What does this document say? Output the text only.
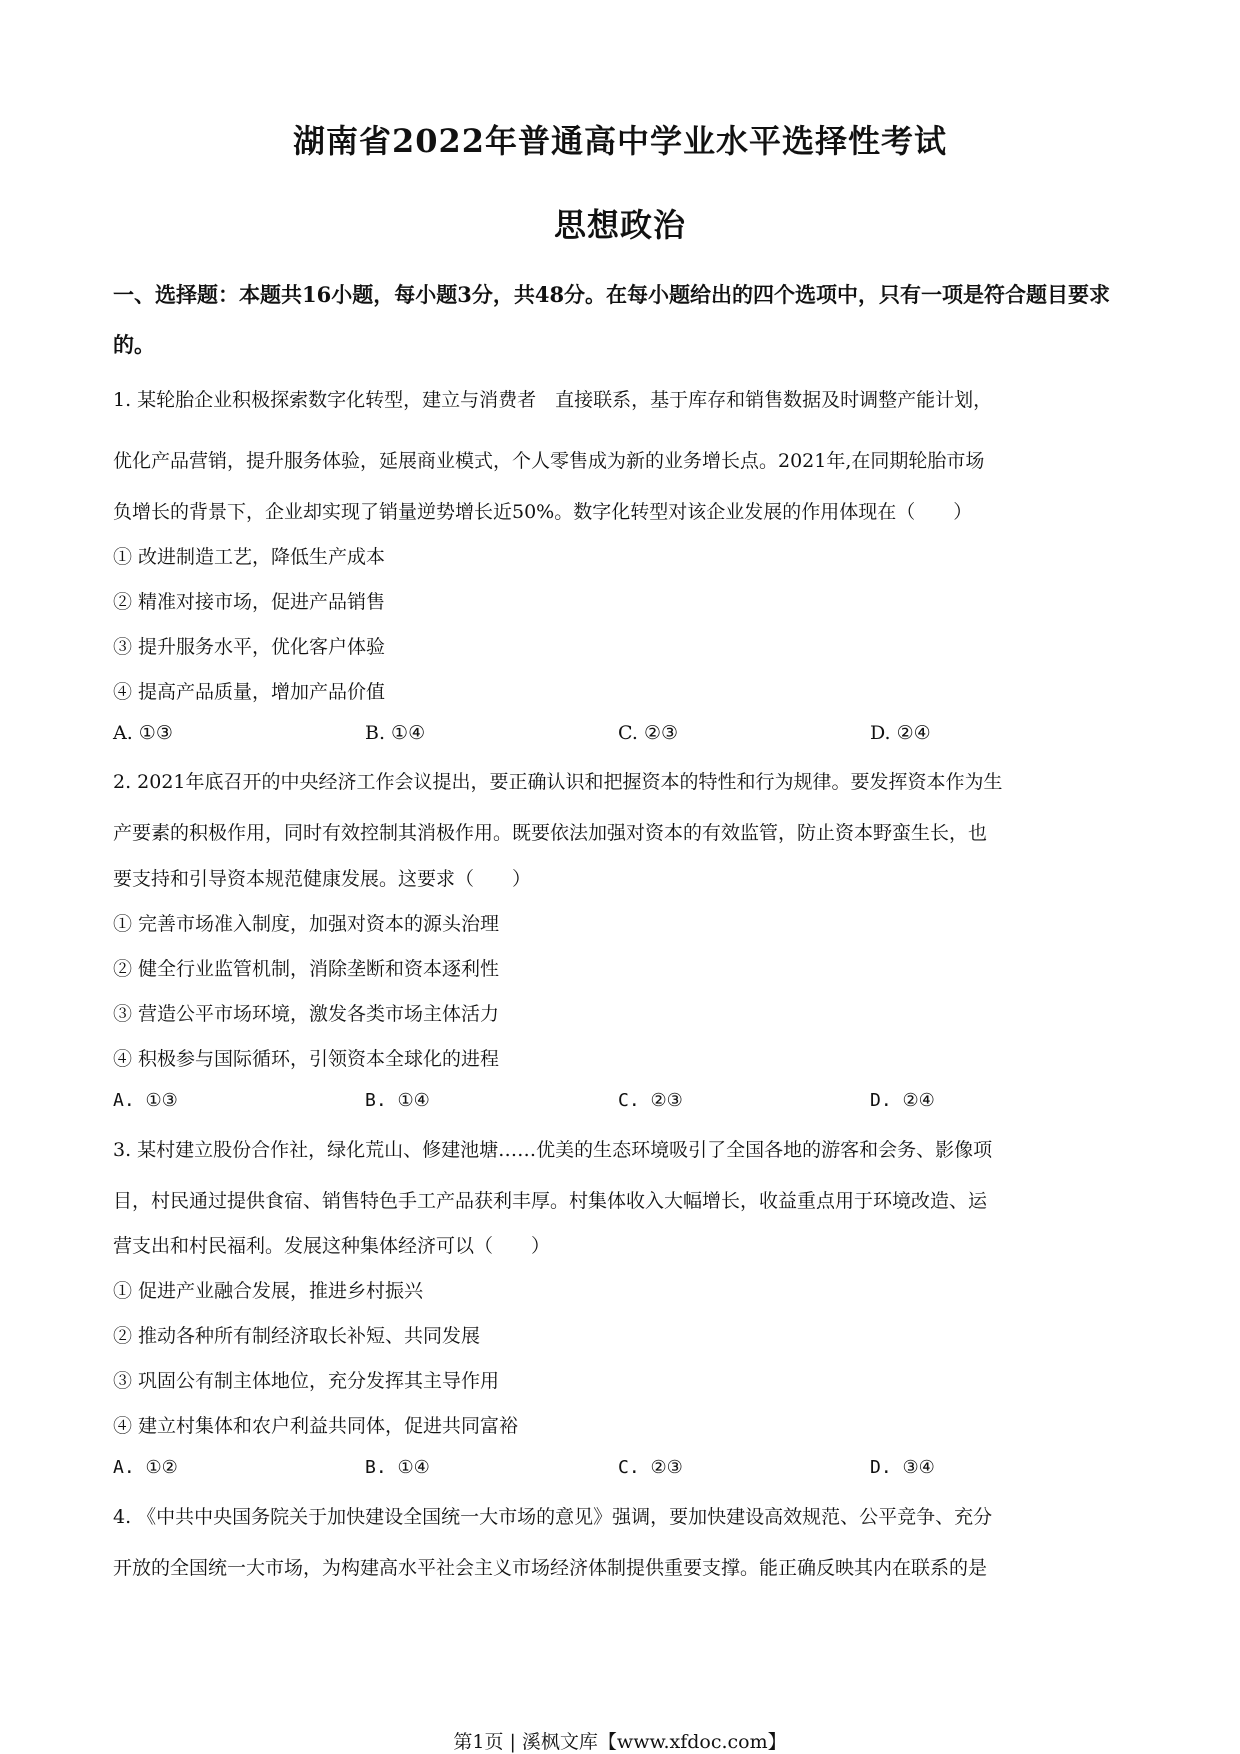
湖南省2022年普通高中学业水平选择性考试
思想政治
一、选择题：本题共16小题，每小题3分，共48分。在每小题给出的四个选项中，只有一项是符合题目要求的。
1. 某轮胎企业积极探索数字化转型，建立与消费者　直接联系，基于库存和销售数据及时调整产能计划，
优化产品营销，提升服务体验，延展商业模式，个人零售成为新的业务增长点。2021年,在同期轮胎市场
负增长的背景下，企业却实现了销量逆势增长近50%。数字化转型对该企业发展的作用体现在（　　）
① 改进制造工艺，降低生产成本
② 精准对接市场，促进产品销售
③ 提升服务水平，优化客户体验
④ 提高产品质量，增加产品价值
A. ①③	B. ①④	C. ②③	D. ②④
2. 2021年底召开的中央经济工作会议提出，要正确认识和把握资本的特性和行为规律。要发挥资本作为生
产要素的积极作用，同时有效控制其消极作用。既要依法加强对资本的有效监管，防止资本野蛮生长，也
要支持和引导资本规范健康发展。这要求（　　）
① 完善市场准入制度，加强对资本的源头治理
② 健全行业监管机制，消除垄断和资本逐利性
③ 营造公平市场环境，激发各类市场主体活力
④ 积极参与国际循环，引领资本全球化的进程
A. ①③	B. ①④	C. ②③	D. ②④
3. 某村建立股份合作社，绿化荒山、修建池塘……优美的生态环境吸引了全国各地的游客和会务、影像项
目，村民通过提供食宿、销售特色手工产品获利丰厚。村集体收入大幅增长，收益重点用于环境改造、运
营支出和村民福利。发展这种集体经济可以（　　）
① 促进产业融合发展，推进乡村振兴
② 推动各种所有制经济取长补短、共同发展
③ 巩固公有制主体地位，充分发挥其主导作用
④ 建立村集体和农户利益共同体，促进共同富裕
A. ①②	B. ①④	C. ②③	D. ③④
4. 《中共中央国务院关于加快建设全国统一大市场的意见》强调，要加快建设高效规范、公平竞争、充分
开放的全国统一大市场，为构建高水平社会主义市场经济体制提供重要支撑。能正确反映其内在联系的是
第1页 | 溪枫文库【www.xfdoc.com】
